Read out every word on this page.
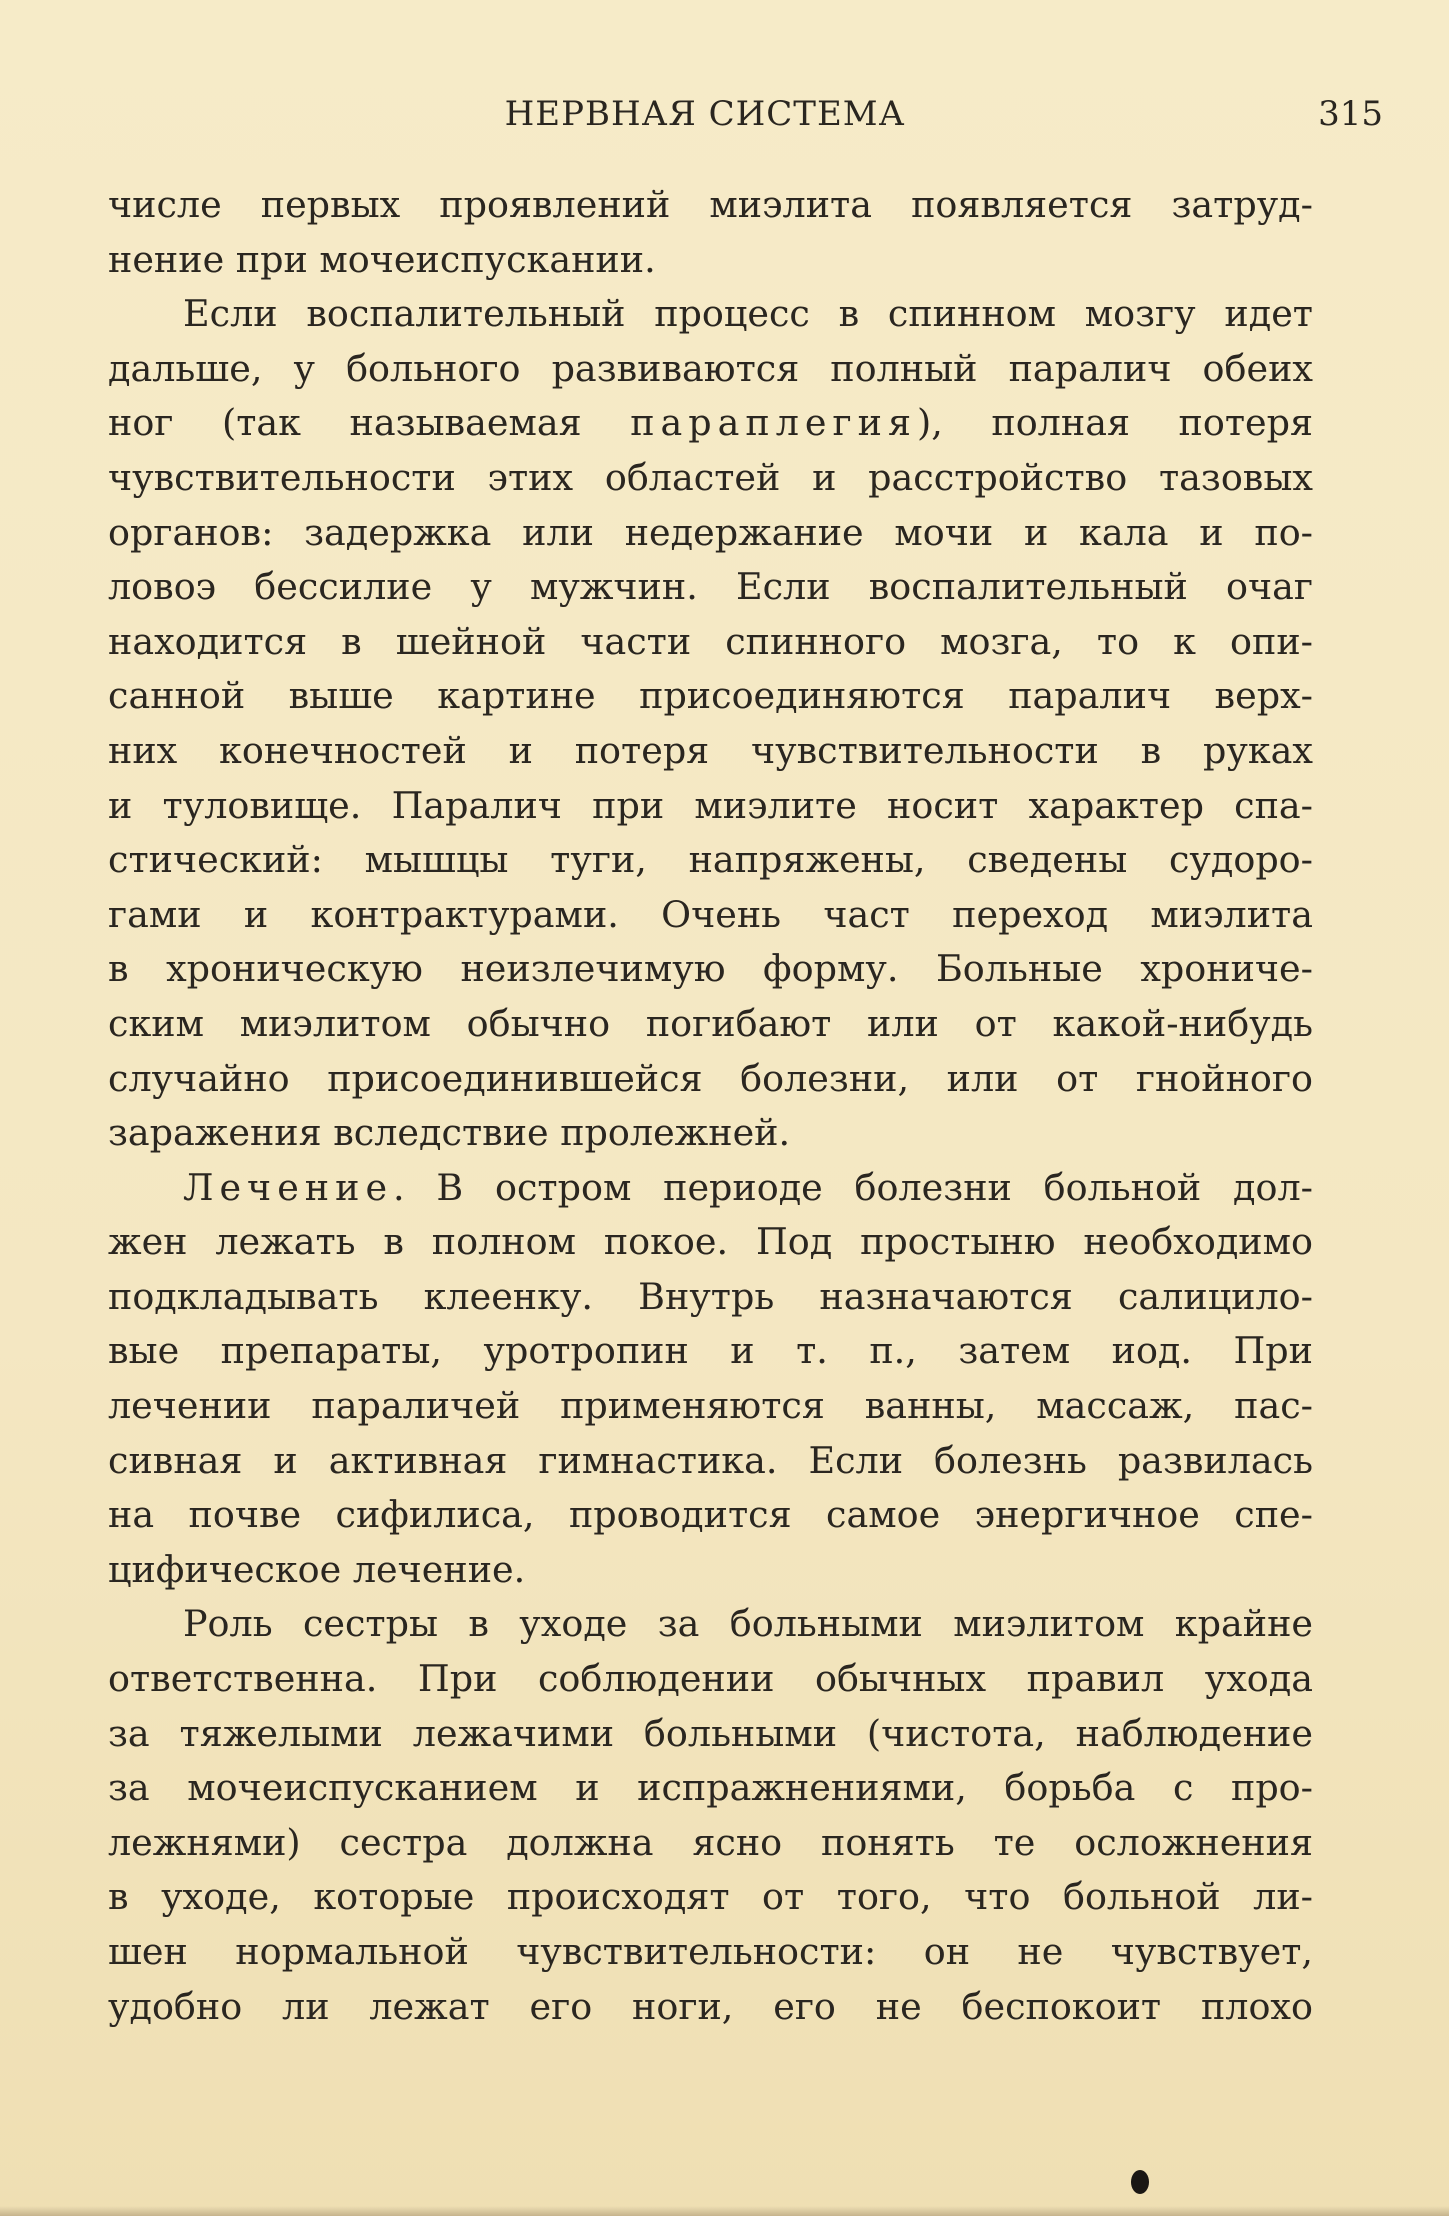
НЕРВНАЯ СИСТЕМА	315
числе первых проявлений миэлита появляется затруд-
нение при мочеиспускании.
Если воспалительный процесс в спинном мозгу идет
дальше, у больного развиваются полный паралич обеих
ног (так называемая параплегия), полная потеря
чувствительности этих областей и расстройство тазовых
органов: задержка или недержание мочи и кала и по-
ловоэ бессилие у мужчин. Если воспалительный очаг
находится в шейной части спинного мозга, то к опи-
санной выше картине присоединяются паралич верх-
них конечностей и потеря чувствительности в руках
и туловище. Паралич при миэлите носит характер спа-
стический: мышцы туги, напряжены, сведены судоро-
гами и контрактурами. Очень част переход миэлита
в хроническую неизлечимую форму. Больные хрониче-
ским миэлитом обычно погибают или от какой-нибудь
случайно присоединившейся болезни, или от гнойного
заражения вследствие пролежней.
Лечение. В остром периоде болезни больной дол-
жен лежать в полном покое. Под простыню необходимо
подкладывать клеенку. Внутрь назначаются салицило-
вые препараты, уротропин и т. п., затем иод. При
лечении параличей применяются ванны, массаж, пас-
сивная и активная гимнастика. Если болезнь развилась
на почве сифилиса, проводится самое энергичное спе-
цифическое лечение.
Роль сестры в уходе за больными миэлитом крайне
ответственна. При соблюдении обычных правил ухода
за тяжелыми лежачими больными (чистота, наблюдение
за мочеиспусканием и испражнениями, борьба с про-
лежнями) сестра должна ясно понять те осложнения
в уходе, которые происходят от того, что больной ли-
шен нормальной чувствительности: он не чувствует,
удобно ли лежат его ноги, его не беспокоит плохо
